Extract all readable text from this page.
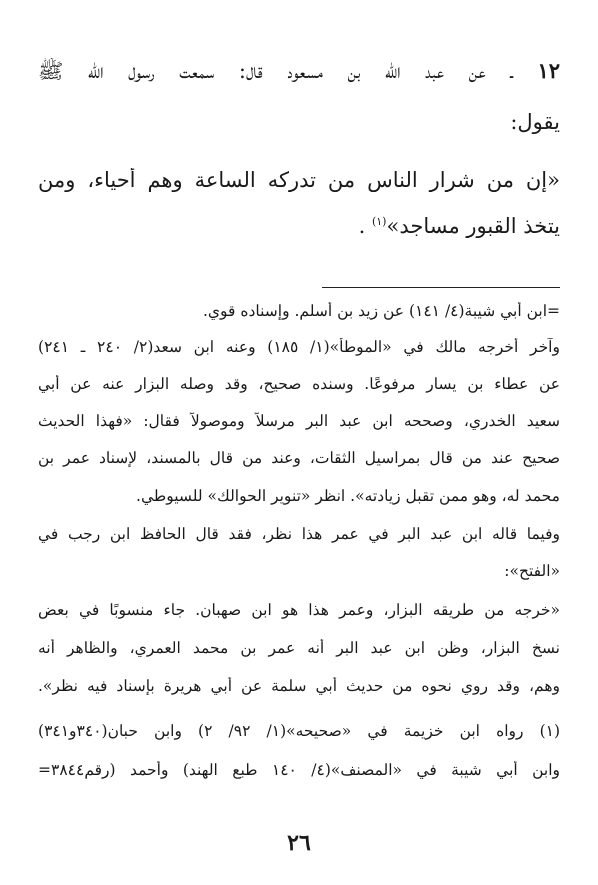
١٢ ـ عن عبد الله بن مسعود قال: سمعت رسول الله ﷺ
يقول:
«إن من شرار الناس من تدركه الساعة وهم أحياء، ومن
يتخذ القبور مساجد»$^{(١)}$ .
=ابن أبي شيبة(٤/ ١٤١) عن زيد بن أسلم. وإسناده قوي.
وآخر أخرجه مالك في «الموطأ»(١/ ١٨٥) وعنه ابن سعد(٢/ ٢٤٠ ـ ٢٤١)
عن عطاء بن يسار مرفوعًا. وسنده صحيح، وقد وصله البزار عنه عن أبي
سعيد الخدري، وصححه ابن عبد البر مرسلاً وموصولاً فقال: «فهذا الحديث
صحيح عند من قال بمراسيل الثقات، وعند من قال بالمسند، لإسناد عمر بن
محمد له، وهو ممن تقبل زيادته». انظر «تنوير الحوالك» للسيوطي.
وفيما قاله ابن عبد البر في عمر هذا نظر، فقد قال الحافظ ابن رجب في
«الفتح»:
«خرجه من طريقه البزار، وعمر هذا هو ابن صهبان. جاء منسوبًا في بعض
نسخ البزار، وظن ابن عبد البر أنه عمر بن محمد العمري، والظاهر أنه
وهم، وقد روي نحوه من حديث أبي سلمة عن أبي هريرة بإسناد فيه نظر».
(١) رواه ابن خزيمة في «صحيحه»(١/ ٩٢/ ٢) وابن حبان(٣٤٠و٣٤١)
وابن أبي شيبة في «المصنف»(٤/ ١٤٠ طبع الهند) وأحمد (رقم٣٨٤٤=
٢٦
